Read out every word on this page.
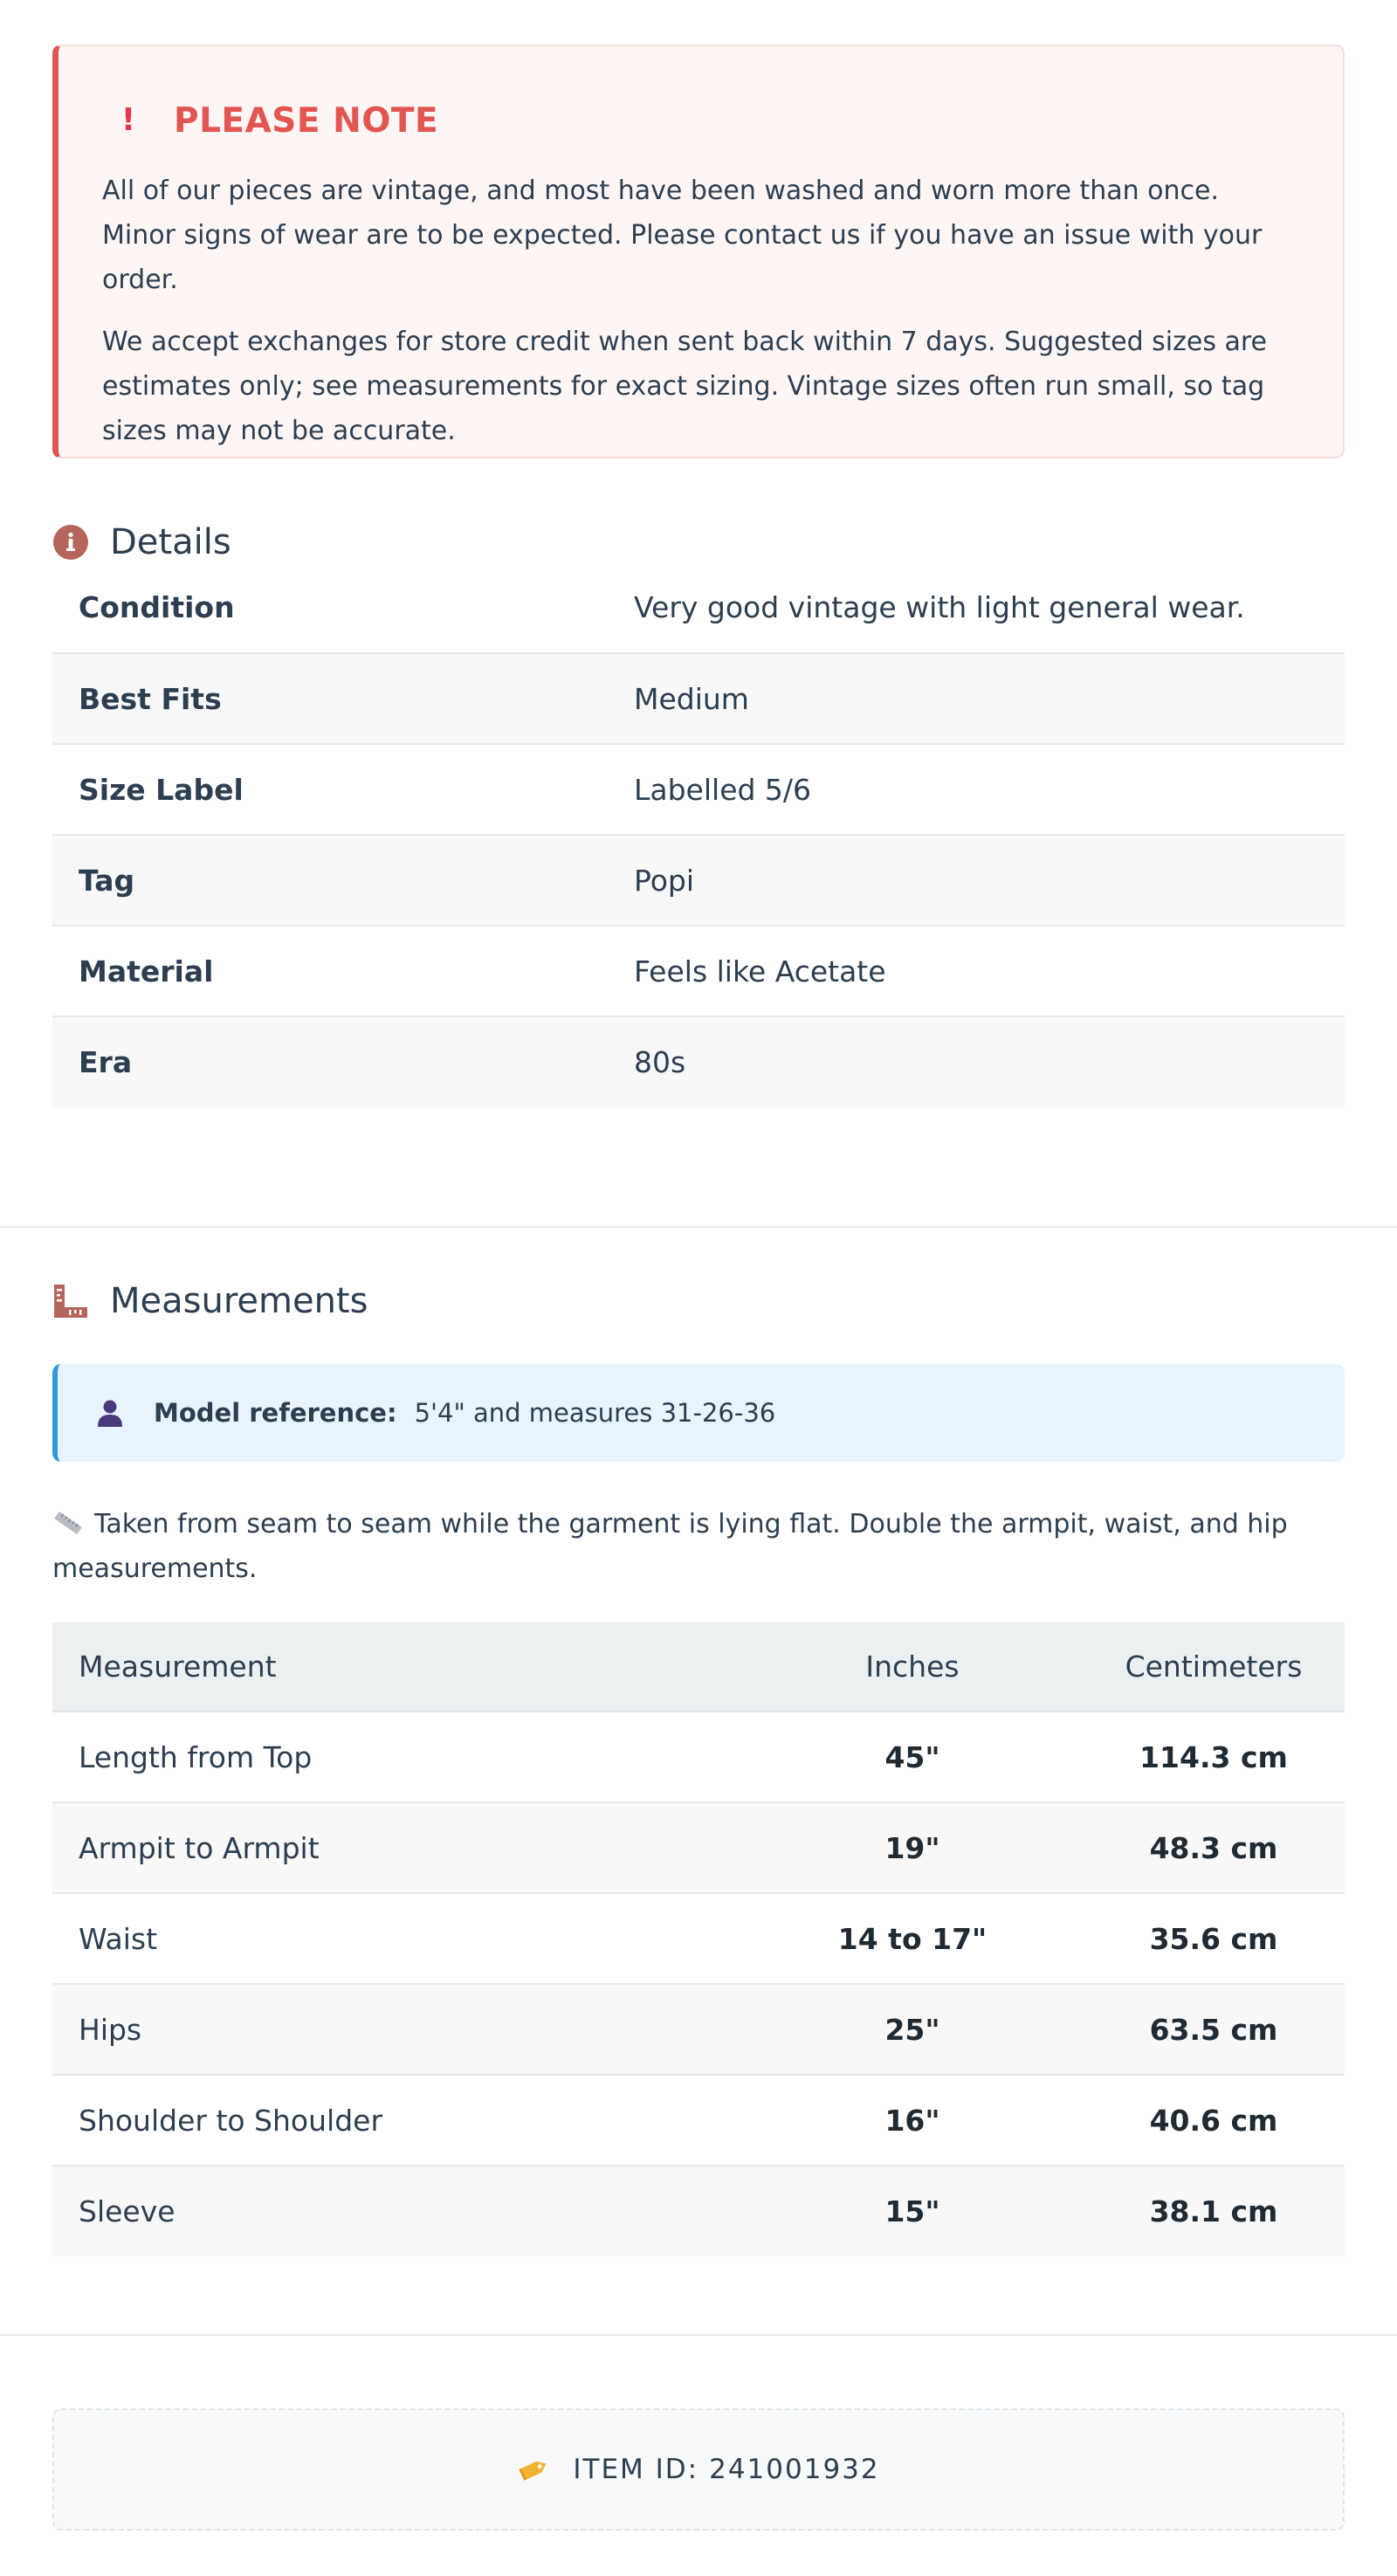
! PLEASE NOTE

All of our pieces are vintage, and most have been washed and worn more than once. Minor signs of wear are to be expected. Please contact us if you have an issue with your order.

We accept exchanges for store credit when sent back within 7 days. Suggested sizes are estimates only; see measurements for exact sizing. Vintage sizes often run small, so tag sizes may not be accurate.

Details
Condition	Very good vintage with light general wear.
Best Fits	Medium
Size Label	Labelled 5/6
Tag	Popi
Material	Feels like Acetate
Era	80s
Measurements
Model reference: 5'4" and measures 31-26-36
Taken from seam to seam while the garment is lying flat. Double the armpit, waist, and hip measurements.
Measurement	Inches	Centimeters
Length from Top	45"	114.3 cm
Armpit to Armpit	19"	48.3 cm
Waist	14 to 17"	35.6 cm
Hips	25"	63.5 cm
Shoulder to Shoulder	16"	40.6 cm
Sleeve	15"	38.1 cm
ITEM ID: 241001932
